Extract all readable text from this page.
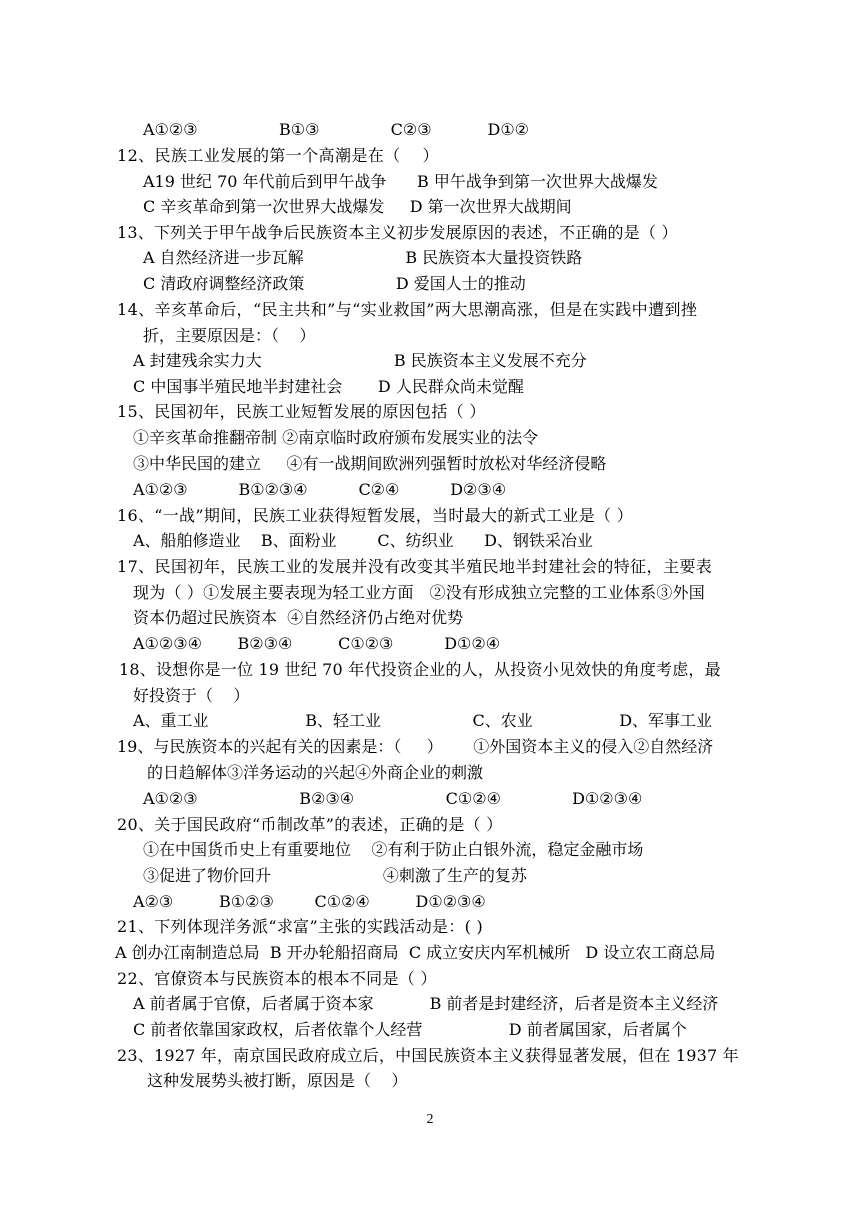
A①②③                B①③              C②③           D①②
12、民族工业发展的第一个高潮是在（    ）
A19 世纪 70 年代前后到甲午战争      B 甲午战争到第一次世界大战爆发
C 辛亥革命到第一次世界大战爆发     D 第一次世界大战期间
13、下列关于甲午战争后民族资本主义初步发展原因的表述，不正确的是（ ）
A 自然经济进一步瓦解                    B 民族资本大量投资铁路
C 清政府调整经济政策                  D 爱国人士的推动
14、辛亥革命后，“民主共和”与“实业救国”两大思潮高涨，但是在实践中遭到挫
折，主要原因是：（    ）
A 封建残余实力大                          B 民族资本主义发展不充分
C 中国事半殖民地半封建社会       D 人民群众尚未觉醒
15、民国初年，民族工业短暂发展的原因包括（ ）
①辛亥革命推翻帝制 ②南京临时政府颁布发展实业的法令
③中华民国的建立     ④有一战期间欧洲列强暂时放松对华经济侵略
A①②③          B①②③④          C②④          D②③④
16、“一战”期间，民族工业获得短暂发展，当时最大的新式工业是（ ）
A、船舶修造业    B、面粉业        C、纺织业      D、钢铁采冶业
17、民国初年，民族工业的发展并没有改变其半殖民地半封建社会的特征，主要表
现为（ ）①发展主要表现为轻工业方面   ②没有形成独立完整的工业体系③外国
资本仍超过民族资本  ④自然经济仍占绝对优势
A①②③④       B②③④         C①②③          D①②④
18、设想你是一位 19 世纪 70 年代投资企业的人，从投资小见效快的角度考虑，最
好投资于（    ）
A、重工业                   B、轻工业                  C、农业                 D、军事工业
19、与民族资本的兴起有关的因素是：（     ）      ①外国资本主义的侵入②自然经济
的日趋解体③洋务运动的兴起④外商企业的刺激
A①②③                    B②③④                  C①②④              D①②③④
20、关于国民政府“币制改革”的表述，正确的是（ ）
①在中国货币史上有重要地位    ②有利于防止白银外流，稳定金融市场
③促进了物价回升                      ④刺激了生产的复苏
A②③         B①②③        C①②④         D①②③④
21、下列体现洋务派“求富”主张的实践活动是：( )
A 创办江南制造总局  B 开办轮船招商局  C 成立安庆内军机械所   D 设立农工商总局
22、官僚资本与民族资本的根本不同是（ ）
A 前者属于官僚，后者属于资本家           B 前者是封建经济，后者是资本主义经济
C 前者依靠国家政权，后者依靠个人经营                 D 前者属国家，后者属个
23、1927 年，南京国民政府成立后，中国民族资本主义获得显著发展，但在 1937 年
这种发展势头被打断，原因是（    ）
2
